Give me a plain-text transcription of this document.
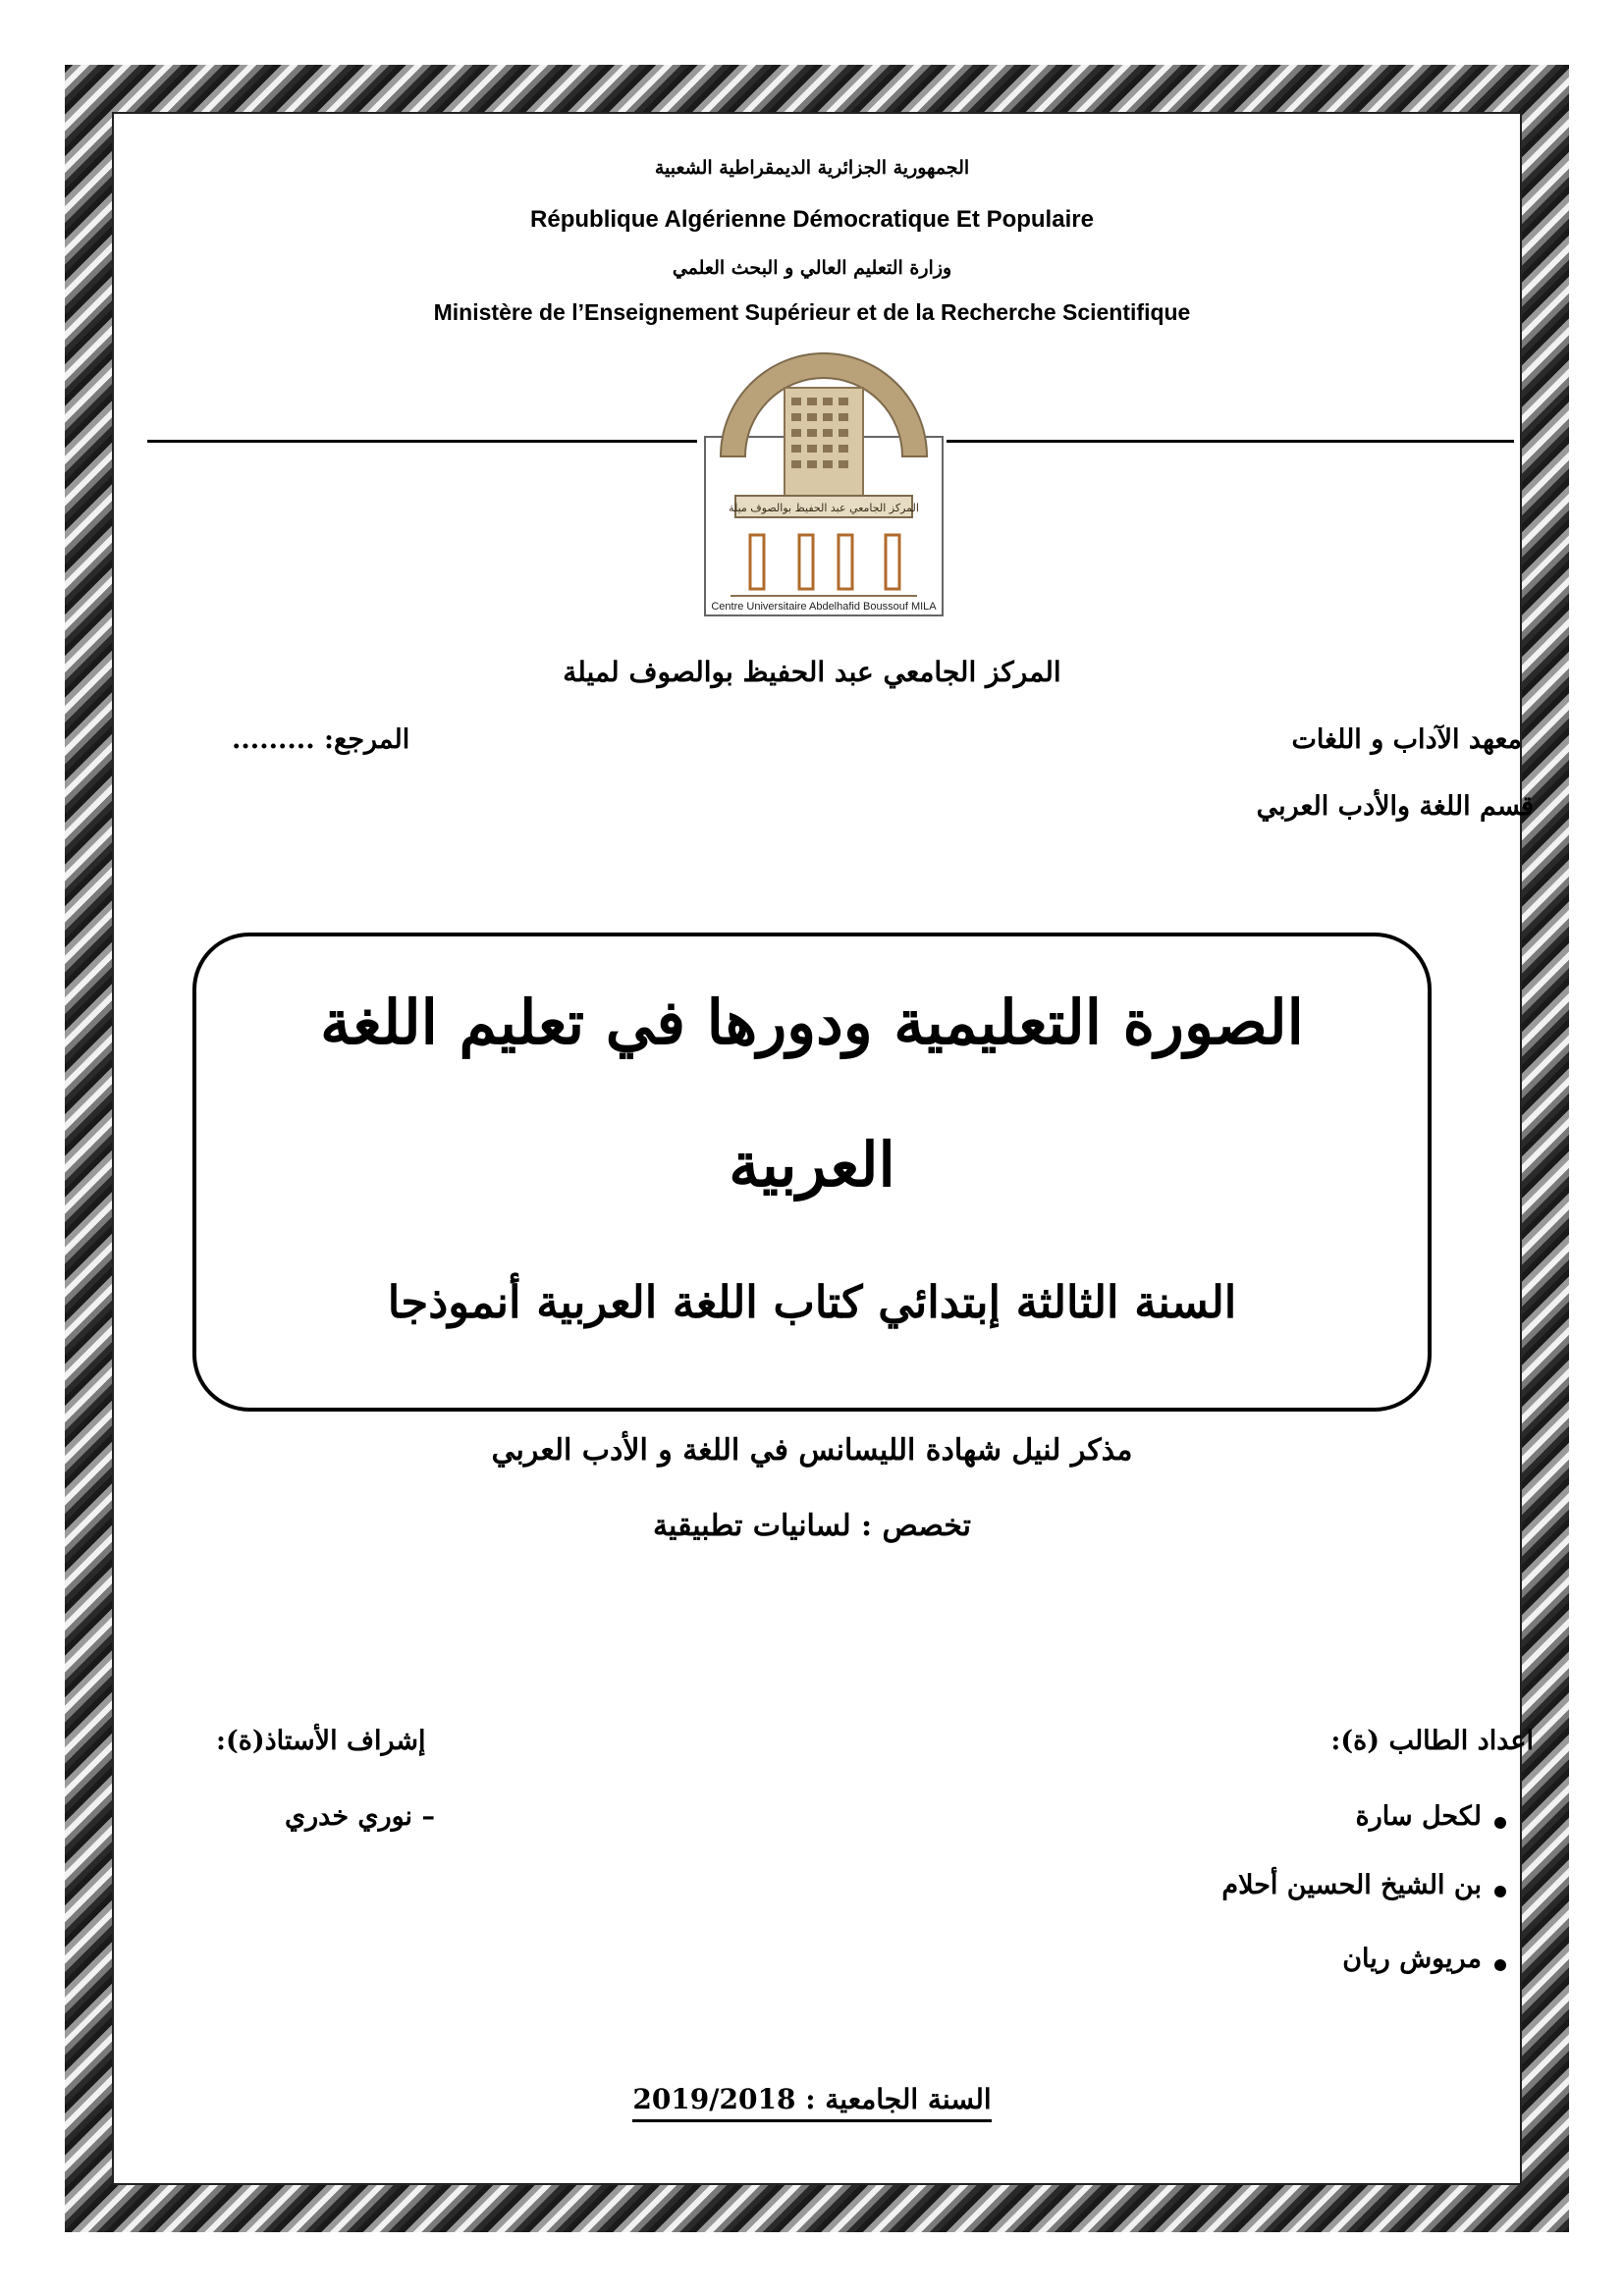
الجمهورية الجزائرية الديمقراطية الشعبية
République Algérienne Démocratique Et Populaire
وزارة التعليم العالي و البحث العلمي
Ministère de l’Enseignement Supérieur et de la Recherche Scientifique
المركز الجامعي عبد الحفيظ بوالصوف ميلة
Centre Universitaire Abdelhafid Boussouf MILA
المركز الجامعي عبد الحفيظ بوالصوف لميلة
معهد الآداب و اللغات
المرجع: .........
قسم اللغة والأدب العربي
الصورة التعليمية ودورها في تعليم اللغة
العربية
السنة الثالثة إبتدائي كتاب اللغة العربية أنموذجا
مذكر لنيل شهادة الليسانس في اللغة و الأدب العربي
تخصص : لسانيات تطبيقية
اعداد الطالب (ة):
إشراف الأستاذ(ة):
لكحل سارة
بن الشيخ الحسين أحلام
مريوش ريان
– نوري خدري
السنة الجامعية : 2019/2018
